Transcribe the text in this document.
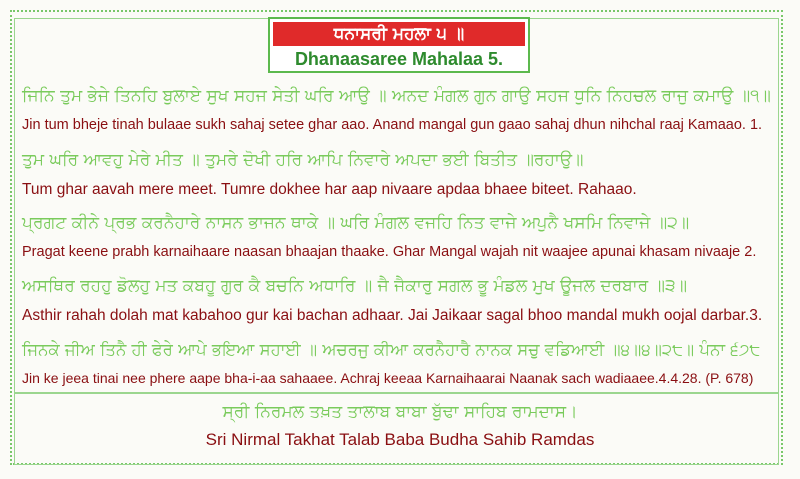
ਧਨਾਸਰੀ ਮਹਲਾ ੫ ॥
Dhanaasaree Mahalaa 5.
ਜਿਨਿ ਤੁਮ ਭੇਜੇ ਤਿਨਹਿ ਬੁਲਾਏ ਸੁਖ ਸਹਜ ਸੇਤੀ ਘਰਿ ਆਉ ॥ ਅਨਦ ਮੰਗਲ ਗੁਨ ਗਾਉ ਸਹਜ ਧੁਨਿ ਨਿਹਚਲ ਰਾਜੁ ਕਮਾਉ ॥੧॥
Jin tum bheje tinah bulaae sukh sahaj setee ghar aao. Anand mangal gun gaao sahaj dhun nihchal raaj Kamaao. 1.
ਤੁਮ ਘਰਿ ਆਵਹੁ ਮੇਰੇ ਮੀਤ ॥ ਤੁਮਰੇ ਦੋਖੀ ਹਰਿ ਆਪਿ ਨਿਵਾਰੇ ਅਪਦਾ ਭਈ ਬਿਤੀਤ ॥ਰਹਾਉ॥
Tum ghar aavah mere meet. Tumre dokhee har aap nivaare apdaa bhaee biteet. Rahaao.
ਪ੍ਰਗਟ ਕੀਨੇ ਪ੍ਰਭ ਕਰਨੈਹਾਰੇ ਨਾਸਨ ਭਾਜਨ ਥਾਕੇ ॥ ਘਰਿ ਮੰਗਲ ਵਜਹਿ ਨਿਤ ਵਾਜੇ ਅਪੁਨੈ ਖਸਮਿ ਨਿਵਾਜੇ ॥੨॥
Pragat keene prabh karnaihaare naasan bhaajan thaake. Ghar Mangal wajah nit waajee apunai khasam nivaaje 2.
ਅਸਥਿਰ ਰਹਹੁ ਡੋਲਹੁ ਮਤ ਕਬਹੂ ਗੁਰ ਕੈ ਬਚਨਿ ਅਧਾਰਿ ॥ ਜੈ ਜੈਕਾਰੁ ਸਗਲ ਭੂ ਮੰਡਲ ਮੁਖ ਊਜਲ ਦਰਬਾਰ ॥੩॥
Asthir rahah dolah mat kabahoo gur kai bachan adhaar. Jai Jaikaar sagal bhoo mandal mukh oojal darbar.3.
ਜਿਨਕੇ ਜੀਅ ਤਿਨੈ ਹੀ ਫੇਰੇ ਆਪੇ ਭਇਆ ਸਹਾਈ ॥ ਅਚਰਜੁ ਕੀਆ ਕਰਨੈਹਾਰੈ ਨਾਨਕ ਸਚੁ ਵਡਿਆਈ ॥੪॥੪॥੨੮॥ ਪੰਨਾ ੬੭੮
Jin ke jeea tinai nee phere aape bha-i-aa sahaaee. Achraj keeaa Karnaihaarai Naanak sach wadiaaee.4.4.28. (P. 678)
ਸ੍ਰੀ ਨਿਰਮਲ ਤਖ਼ਤ ਤਾਲਾਬ ਬਾਬਾ ਬੁੱਢਾ ਸਾਹਿਬ ਰਾਮਦਾਸ।
Sri Nirmal Takhat Talab Baba Budha Sahib Ramdas
